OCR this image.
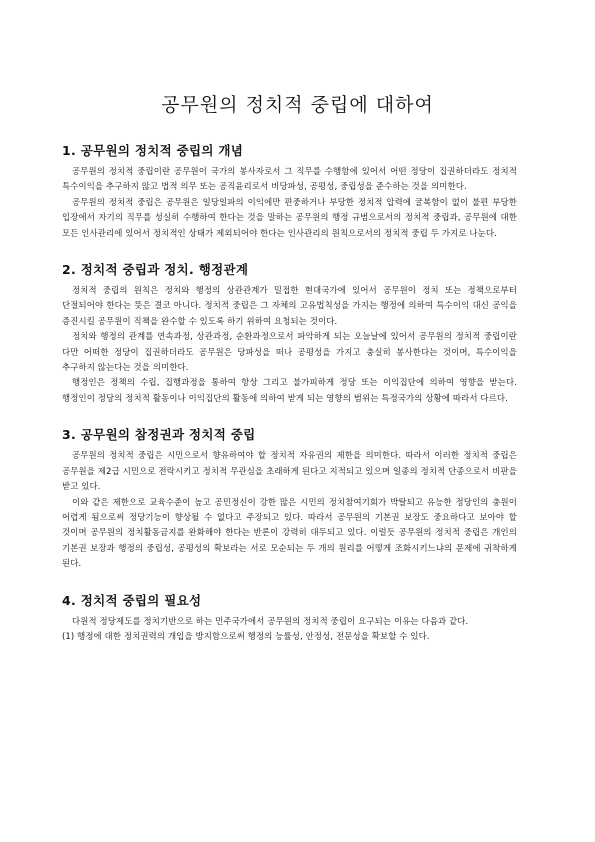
공무원의 정치적 중립에 대하여
1. 공무원의 정치적 중립의 개념

공무원의 정치적 중립이란 공무원이 국가의 봉사자로서 그 직무를 수행함에 있어서 어떤 정당이 집권하더라도 정치적 특수이익을 추구하지 않고 법적 의무 또는 공직윤리로서 비당파성, 공평성, 중립성을 준수하는 것을 의미한다.

공무원의 정치적 중립은 공무원은 일당일파의 이익에만 편중하거나 부당한 정치적 압력에 굴복함이 없이 불편 부당한 입장에서 자기의 직무를 성실히 수행하여 한다는 것을 말하는 공무원의 행정 규범으로서의 정치적 중립과, 공무원에 대한 모든 인사관리에 있어서 정치적인 상태가 제외되어야 한다는 인사관리의 원칙으로서의 정치적 중립 두 가지로 나눈다.

2. 정치적 중립과 정치. 행정관계

정치적 중립의 원칙은 정치와 행정의 상관관계가 밀접한 현대국가에 있어서 공무원이 정치 또는 정책으로부터 단절되어야 한다는 뜻은 결코 아니다. 정치적 중립은 그 자체의 고유법칙성을 가지는 행정에 의하여 특수이익 대신 공익을 증진시킬 공무원이 직책을 완수할 수 있도록 하기 위하여 요청되는 것이다.

정치와 행정의 관계를 연속과정, 상관과정, 순환과정으로서 파악하게 되는 오늘날에 있어서 공무원의 정치적 중립이란 다만 어떠한 정당이 집권하더라도 공무원은 당파성을 떠나 공평성을 가지고 충실히 봉사한다는 것이며, 특수이익을 추구하지 않는다는 것을 의미한다.

행정인은 정책의 수립, 집행과정을 통하여 항상 그리고 불가피하게 정당 또는 이익집단에 의하여 영향을 받는다. 행정인이 정당의 정치적 활동이나 이익집단의 활동에 의하여 받게 되는 영향의 범위는 특정국가의 상황에 따라서 다르다.

3. 공무원의 참정권과 정치적 중립

공무원의 정치적 중립은 시민으로서 향유하여야 할 정치적 자유권의 제한을 의미한다. 따라서 이러한 정치적 중립은 공무원을 제2급 시민으로 전락시키고 정치적 무관심을 초래하게 된다고 지적되고 있으며 일종의 정치적 단종으로서 비판을 받고 있다.

이와 같은 제한으로 교육수준이 높고 공민정신이 강한 많은 시민의 정치참여기회가 박탈되고 유능한 정당인의 충원이 어렵게 됨으로써 정당기능이 향상될 수 없다고 주장되고 있다. 따라서 공무원의 기본권 보장도 중요하다고 보아야 할 것이며 공무원의 정치활동금지를 완화해야 한다는 반론이 강력히 대두되고 있다. 이럴듯 공무원의 정치적 중립은 개인의 기본권 보장과 행정의 중립성, 공평성의 확보라는 서로 모순되는 두 개의 원리를 어떻게 조화시키느냐의 문제에 귀착하게 된다.

4. 정치적 중립의 필요성

다원적 정당제도를 정치기반으로 하는 민주국가에서 공무원의 정치적 중립이 요구되는 이유는 다음과 같다.

(1) 행정에 대한 정치권력의 개입을 방지함으로써 행정의 능률성, 안정성, 전문성을 확보할 수 있다.
